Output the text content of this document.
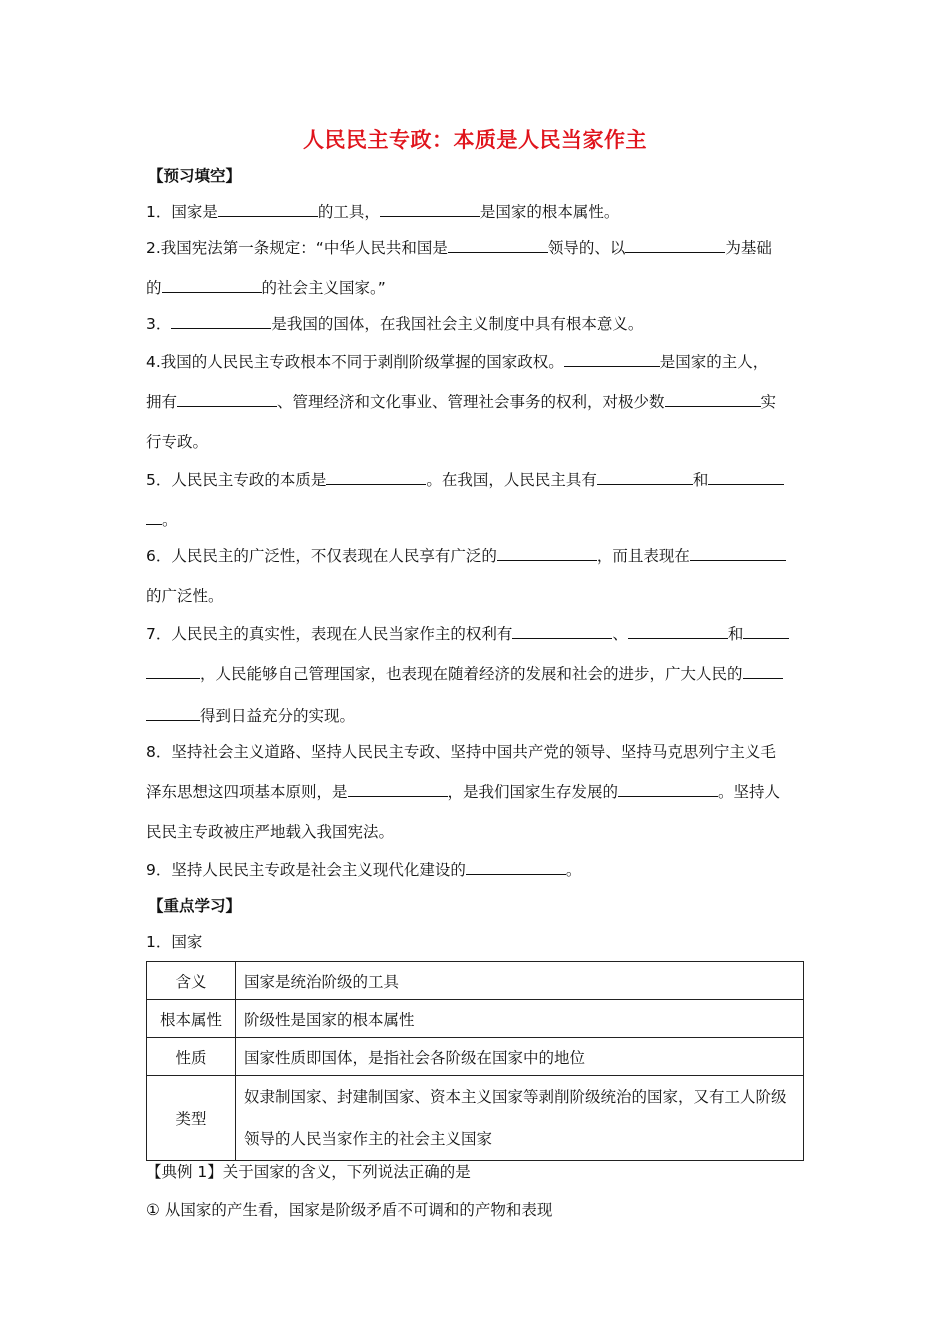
人民民主专政：本质是人民当家作主
【预习填空】
1．国家是	的工具，	是国家的根本属性。
2.我国宪法第一条规定：“中华人民共和国是	领导的、以	为基础
的	的社会主义国家。”
3．	是我国的国体，在我国社会主义制度中具有根本意义。
4.我国的人民民主专政根本不同于剥削阶级掌握的国家政权。	是国家的主人，
拥有	、管理经济和文化事业、管理社会事务的权利，对极少数	实
行专政。
5．人民民主专政的本质是	。在我国，人民民主具有	和
。
6．人民民主的广泛性，不仅表现在人民享有广泛的	，而且表现在
的广泛性。
7．人民民主的真实性，表现在人民当家作主的权利有	、	和
，人民能够自己管理国家，也表现在随着经济的发展和社会的进步，广大人民的
得到日益充分的实现。
8．坚持社会主义道路、坚持人民民主专政、坚持中国共产党的领导、坚持马克思列宁主义毛
泽东思想这四项基本原则，是	，是我们国家生存发展的	。坚持人
民民主专政被庄严地载入我国宪法。
9．坚持人民民主专政是社会主义现代化建设的	。
【重点学习】
1．国家
含义	国家是统治阶级的工具
根本属性	阶级性是国家的根本属性
性质	国家性质即国体，是指社会各阶级在国家中的地位
类型	奴隶制国家、封建制国家、资本主义国家等剥削阶级统治的国家，又有工人阶级领导的人民当家作主的社会主义国家
【典例 1】关于国家的含义，下列说法正确的是
① 从国家的产生看，国家是阶级矛盾不可调和的产物和表现
